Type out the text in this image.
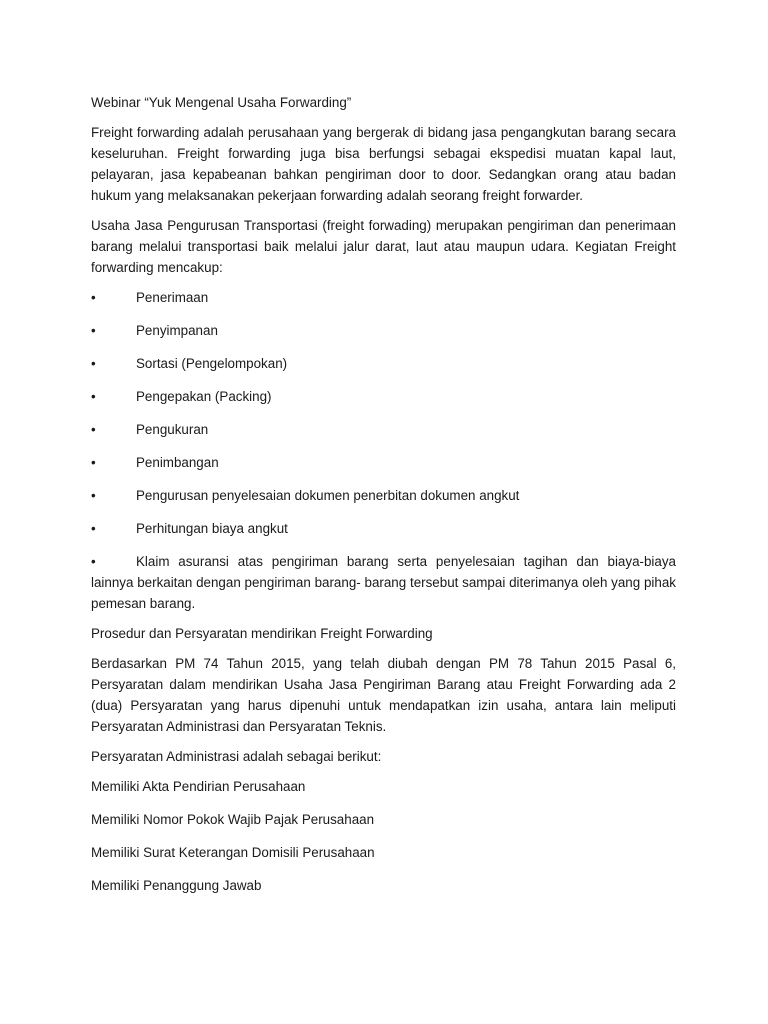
Webinar “Yuk Mengenal Usaha Forwarding”

Freight forwarding adalah perusahaan yang bergerak di bidang jasa pengangkutan barang secara keseluruhan. Freight forwarding juga bisa berfungsi sebagai ekspedisi muatan kapal laut, pelayaran, jasa kepabeanan bahkan pengiriman door to door. Sedangkan orang atau badan hukum yang melaksanakan pekerjaan forwarding adalah seorang freight forwarder.

Usaha Jasa Pengurusan Transportasi (freight forwading) merupakan pengiriman dan penerimaan barang melalui transportasi baik melalui jalur darat, laut atau maupun udara. Kegiatan Freight forwarding mencakup:

•	Penerimaan
•	Penyimpanan
•	Sortasi (Pengelompokan)
•	Pengepakan (Packing)
•	Pengukuran
•	Penimbangan
•	Pengurusan penyelesaian dokumen penerbitan dokumen angkut
•	Perhitungan biaya angkut

•	Klaim asuransi atas pengiriman barang serta penyelesaian tagihan dan biaya-biaya lainnya berkaitan dengan pengiriman barang- barang tersebut sampai diterimanya oleh yang pihak pemesan barang.

Prosedur dan Persyaratan mendirikan Freight Forwarding

Berdasarkan PM 74 Tahun 2015, yang telah diubah dengan PM 78 Tahun 2015 Pasal 6, Persyaratan dalam mendirikan Usaha Jasa Pengiriman Barang atau Freight Forwarding ada 2 (dua) Persyaratan yang harus dipenuhi untuk mendapatkan izin usaha, antara lain meliputi Persyaratan Administrasi dan Persyaratan Teknis.

Persyaratan Administrasi adalah sebagai berikut:
Memiliki Akta Pendirian Perusahaan
Memiliki Nomor Pokok Wajib Pajak Perusahaan
Memiliki Surat Keterangan Domisili Perusahaan
Memiliki Penanggung Jawab
